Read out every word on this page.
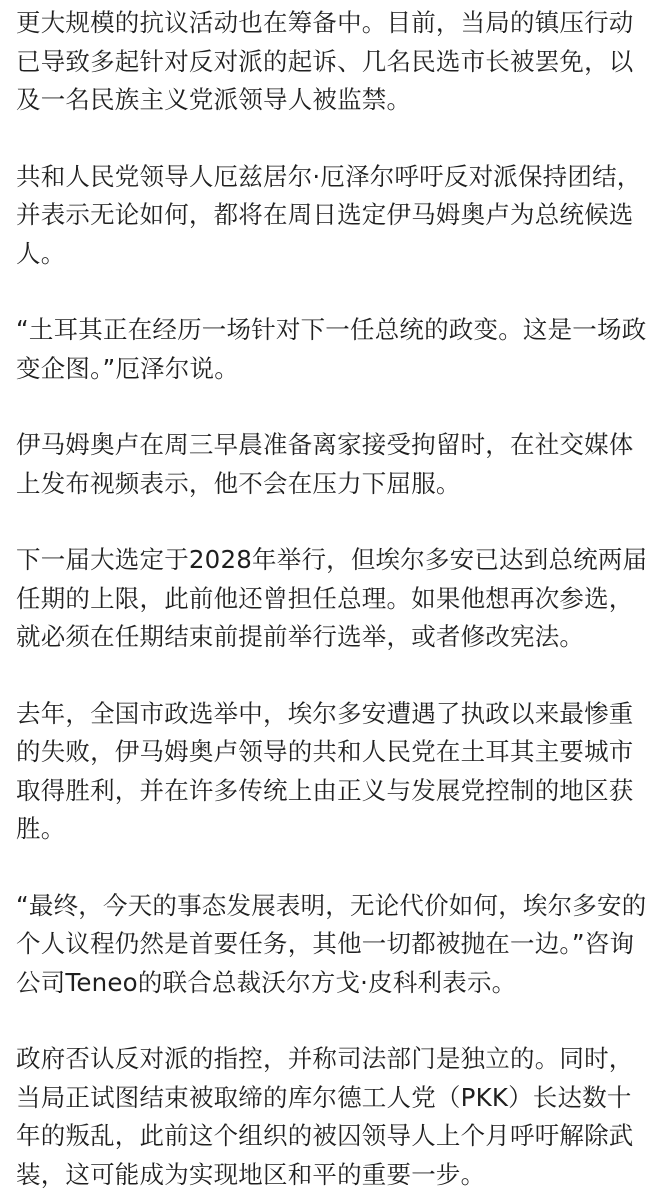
更大规模的抗议活动也在筹备中。目前，当局的镇压行动已导致多起针对反对派的起诉、几名民选市长被罢免，以及一名民族主义党派领导人被监禁。

共和人民党领导人厄兹居尔·厄泽尔呼吁反对派保持团结，并表示无论如何，都将在周日选定伊马姆奥卢为总统候选人。

“土耳其正在经历一场针对下一任总统的政变。这是一场政变企图。”厄泽尔说。

伊马姆奥卢在周三早晨准备离家接受拘留时，在社交媒体上发布视频表示，他不会在压力下屈服。

下一届大选定于2028年举行，但埃尔多安已达到总统两届任期的上限，此前他还曾担任总理。如果他想再次参选，就必须在任期结束前提前举行选举，或者修改宪法。

去年，全国市政选举中，埃尔多安遭遇了执政以来最惨重的失败，伊马姆奥卢领导的共和人民党在土耳其主要城市取得胜利，并在许多传统上由正义与发展党控制的地区获胜。

“最终，今天的事态发展表明，无论代价如何，埃尔多安的个人议程仍然是首要任务，其他一切都被抛在一边。”咨询公司Teneo的联合总裁沃尔方戈·皮科利表示。

政府否认反对派的指控，并称司法部门是独立的。同时，当局正试图结束被取缔的库尔德工人党（PKK）长达数十年的叛乱，此前这个组织的被囚领导人上个月呼吁解除武装，这可能成为实现地区和平的重要一步。
